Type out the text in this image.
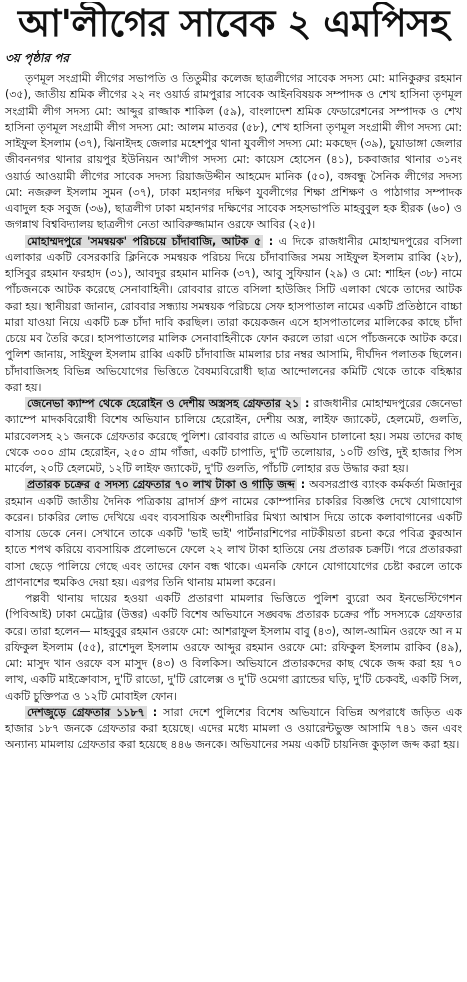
আ'লীগের সাবেক ২ এমপিসহ
৩য় পৃষ্ঠার পর

তৃণমূল সংগ্রামী লীগের সভাপতি ও তিতুমীর কলেজ ছাত্রলীগের সাবেক সদস্য মো: মানিকুরুর রহমান (৩৫), জাতীয় শ্রমিক লীগের ২২ নং ওয়ার্ড রামপুরার সাবেক আইনবিষয়ক সম্পাদক ও শেখ হাসিনা তৃণমূল সংগ্রামী লীগ সদস্য মো: আব্দুর রাজ্জাক শাকিল (৫৯), বাংলাদেশ শ্রমিক ফেডারেশনের সম্পাদক ও শেখ হাসিনা তৃণমূল সংগ্রামী লীগ সদস্য মো: আলম মাতবর (৫৮), শেখ হাসিনা তৃণমূল সংগ্রামী লীগ সদস্য মো: সাইফুল ইসলাম (৩৭), ঝিনাইদহ জেলার মহেশপুর থানা যুবলীগ সদস্য মো: মকছেদ (৩৯), চুয়াডাঙ্গা জেলার জীবননগর থানার রায়পুর ইউনিয়ন আ'লীগ সদস্য মো: কায়েস হোসেন (৪১), চকবাজার থানার ৩১নং ওয়ার্ড আওয়ামী লীগের সাবেক সদস্য রিয়াজউদ্দীন আহমেদ মানিক (৫০), বঙ্গবন্ধু সৈনিক লীগের সদস্য মো: নজরুল ইসলাম সুমন (৩৭), ঢাকা মহানগর দক্ষিণ যুবলীগের শিক্ষা প্রশিক্ষণ ও পাঠাগার সম্পাদক এবাদুল হক সবুজ (৩৬), ছাত্রলীগ ঢাকা মহানগর দক্ষিণের সাবেক সহসভাপতি মাহবুবুল হক হীরক (৬০) ও জগন্নাথ বিশ্ববিদ্যালয় ছাত্রলীগ নেতা আবিরুজ্জামান ওরফে আবির (২৫)।

মোহাম্মদপুরে 'সমন্বয়ক' পরিচয়ে চাঁদাবাজি, আটক ৫ : এ দিকে রাজধানীর মোহাম্মদপুরের বসিলা এলাকার একটি বেসরকারি ক্লিনিকে সমন্বয়ক পরিচয় দিয়ে চাঁদাবাজির সময় সাইফুল ইসলাম রাব্বি (২৮), হাসিবুর রহমান ফরহাদ (৩১), আবদুর রহমান মানিক (৩৭), আবু সুফিয়ান (২৯) ও মো: শাহিন (৩৮) নামে পাঁচজনকে আটক করেছে সেনাবাহিনী। রোববার রাতে বসিলা হাউজিং সিটি এলাকা থেকে তাদের আটক করা হয়। স্থানীয়রা জানান, রোববার সন্ধ্যায় সমন্বয়ক পরিচয়ে সেফ হাসপাতাল নামের একটি প্রতিষ্ঠানে বাচ্চা মারা যাওয়া নিয়ে একটি চক্র চাঁদা দাবি করছিল। তারা কয়েকজন এসে হাসপাতালের মালিকের কাছে চাঁদা চেয়ে মব তৈরি করে। হাসপাতালের মালিক সেনাবাহিনীকে ফোন করলে তারা এসে পাঁচজনকে আটক করে। পুলিশ জানায়, সাইফুল ইসলাম রাব্বি একটি চাঁদাবাজি মামলার চার নম্বর আসামি, দীর্ঘদিন পলাতক ছিলেন। চাঁদাবাজিসহ বিভিন্ন অভিযোগের ভিত্তিতে বৈষম্যবিরোধী ছাত্র আন্দোলনের কমিটি থেকে তাকে বহিষ্কার করা হয়।

জেনেভা ক্যাম্প থেকে হেরোইন ও দেশীয় অস্ত্রসহ গ্রেফতার ২১ : রাজধানীর মোহাম্মদপুরের জেনেভা ক্যাম্পে মাদকবিরোধী বিশেষ অভিযান চালিয়ে হেরোইন, দেশীয় অস্ত্র, লাইফ জ্যাকেট, হেলমেট, গুলতি, মারবেলসহ ২১ জনকে গ্রেফতার করেছে পুলিশ। রোববার রাতে এ অভিযান চালানো হয়। সময় তাদের কাছ থেকে ৩০০ গ্রাম হেরোইন, ২৫০ গ্রাম গাঁজা, একটি চাপাতি, দু'টি তলোয়ার, ১০টি গুপ্তি, দুই হাজার পিস মার্বেল, ২০টি হেলমেট, ১২টি লাইফ জ্যাকেট, দু'টি গুলতি, পাঁচটি লোহার রড উদ্ধার করা হয়।

প্রতারক চক্রের ৫ সদস্য গ্রেফতার ৭০ লাখ টাকা ও গাড়ি জব্দ : অবসরপ্রাপ্ত ব্যাংক কর্মকর্তা মিজানুর রহমান একটি জাতীয় দৈনিক পত্রিকায় ব্রাদার্স গ্রুপ নামের কোম্পানির চাকরির বিজ্ঞপ্তি দেখে যোগাযোগ করেন। চাকরির লোভ দেখিয়ে এবং ব্যবসায়িক অংশীদারির মিথ্যা আশ্বাস দিয়ে তাকে কলাবাগানের একটি বাসায় ডেকে নেন। সেখানে তাকে একটি 'ভাই ভাই' পার্টনারশিপের নাটকীয়তা রচনা করে পবিত্র কুরআন হাতে শপথ করিয়ে ব্যবসায়িক প্রলোভনে ফেলে ২২ লাখ টাকা হাতিয়ে নেয় প্রতারক চক্রটি। পরে প্রতারকরা বাসা ছেড়ে পালিয়ে গেছে এবং তাদের ফোন বন্ধ থাকে। এমনকি ফোনে যোগাযোগের চেষ্টা করলে তাকে প্রাণনাশের হুমকিও দেয়া হয়। এরপর তিনি থানায় মামলা করেন।

পল্লবী থানায় দায়ের হওয়া একটি প্রতারণা মামলার ভিত্তিতে পুলিশ ব্যুরো অব ইনভেস্টিগেশন (পিবিআই) ঢাকা মেট্রোর (উত্তর) একটি বিশেষ অভিযানে সঙ্ঘবদ্ধ প্রতারক চক্রের পাঁচ সদস্যকে গ্রেফতার করে। তারা হলেন— মাহবুবুর রহমান ওরফে মো: আশরাফুল ইসলাম বাবু (৪৩), আল-আমিন ওরফে আ ন ম রফিকুল ইসলাম (৫৫), রাশেদুল ইসলাম ওরফে আব্দুর রহমান ওরফে মো: রফিকুল ইসলাম রাকিব (৪৯), মো: মাসুদ খান ওরফে বস মাসুদ (৪৩) ও বিলকিস। অভিযানে প্রতারকদের কাছ থেকে জব্দ করা হয় ৭০ লাখ, একটি মাইক্রোবাস, দু'টি রাডো, দু'টি রোলেক্স ও দু'টি ওমেগা ব্র্যান্ডের ঘড়ি, দু'টি চেকবই, একটি সিল, একটি চুক্তিপত্র ও ১২টি মোবাইল ফোন।

দেশজুড়ে গ্রেফতার ১১৮৭ : সারা দেশে পুলিশের বিশেষ অভিযানে বিভিন্ন অপরাধে জড়িত এক হাজার ১৮৭ জনকে গ্রেফতার করা হয়েছে। এদের মধ্যে মামলা ও ওয়ারেন্টভুক্ত আসামি ৭৪১ জন এবং অন্যান্য মামলায় গ্রেফতার করা হয়েছে ৪৪৬ জনকে। অভিযানের সময় একটি চায়নিজ কুড়াল জব্দ করা হয়।
